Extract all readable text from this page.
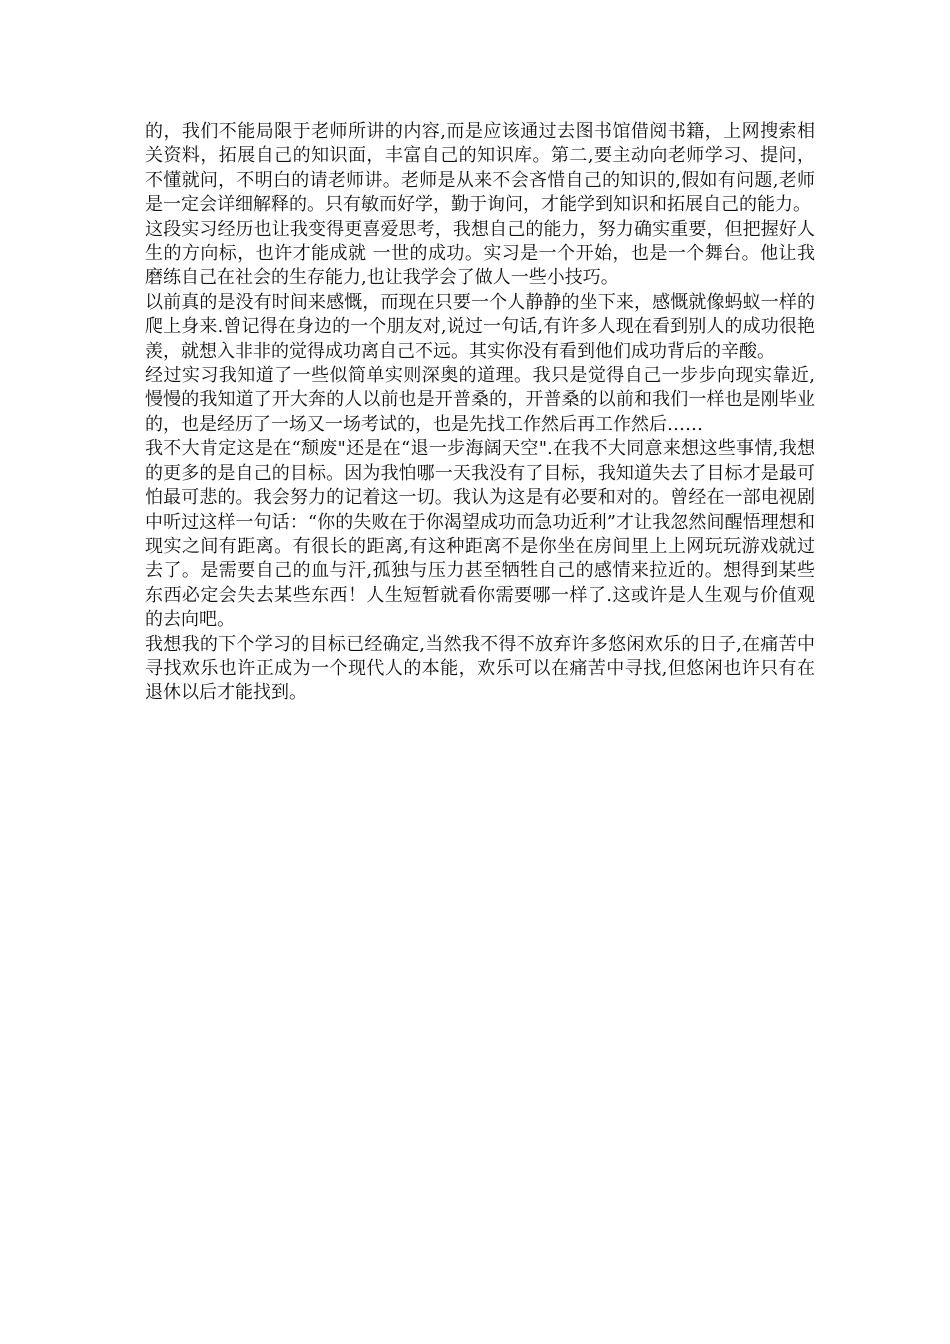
的，我们不能局限于老师所讲的内容,而是应该通过去图书馆借阅书籍，上网搜索相关资料，拓展自己的知识面，丰富自己的知识库。第二,要主动向老师学习、提问，不懂就问，不明白的请老师讲。老师是从来不会吝惜自己的知识的,假如有问题,老师是一定会详细解释的。只有敏而好学，勤于询问，才能学到知识和拓展自己的能力。

这段实习经历也让我变得更喜爱思考，我想自己的能力，努力确实重要，但把握好人生的方向标，也许才能成就 一世的成功。实习是一个开始，也是一个舞台。他让我磨练自己在社会的生存能力,也让我学会了做人一些小技巧。

以前真的是没有时间来感慨，而现在只要一个人静静的坐下来，感慨就像蚂蚁一样的爬上身来.曾记得在身边的一个朋友对,说过一句话,有许多人现在看到别人的成功很艳羡，就想入非非的觉得成功离自己不远。其实你没有看到他们成功背后的辛酸。

经过实习我知道了一些似简单实则深奥的道理。我只是觉得自己一步步向现实靠近,慢慢的我知道了开大奔的人以前也是开普桑的，开普桑的以前和我们一样也是刚毕业的，也是经历了一场又一场考试的，也是先找工作然后再工作然后……

我不大肯定这是在“颓废"还是在“退一步海阔天空".在我不大同意来想这些事情,我想的更多的是自己的目标。因为我怕哪一天我没有了目标，我知道失去了目标才是最可怕最可悲的。我会努力的记着这一切。我认为这是有必要和对的。曾经在一部电视剧中听过这样一句话：“你的失败在于你渴望成功而急功近利”才让我忽然间醒悟理想和现实之间有距离。有很长的距离,有这种距离不是你坐在房间里上上网玩玩游戏就过去了。是需要自己的血与汗,孤独与压力甚至牺牲自己的感情来拉近的。想得到某些东西必定会失去某些东西！人生短暂就看你需要哪一样了.这或许是人生观与价值观的去向吧。

我想我的下个学习的目标已经确定,当然我不得不放弃许多悠闲欢乐的日子,在痛苦中寻找欢乐也许正成为一个现代人的本能，欢乐可以在痛苦中寻找,但悠闲也许只有在退休以后才能找到。
